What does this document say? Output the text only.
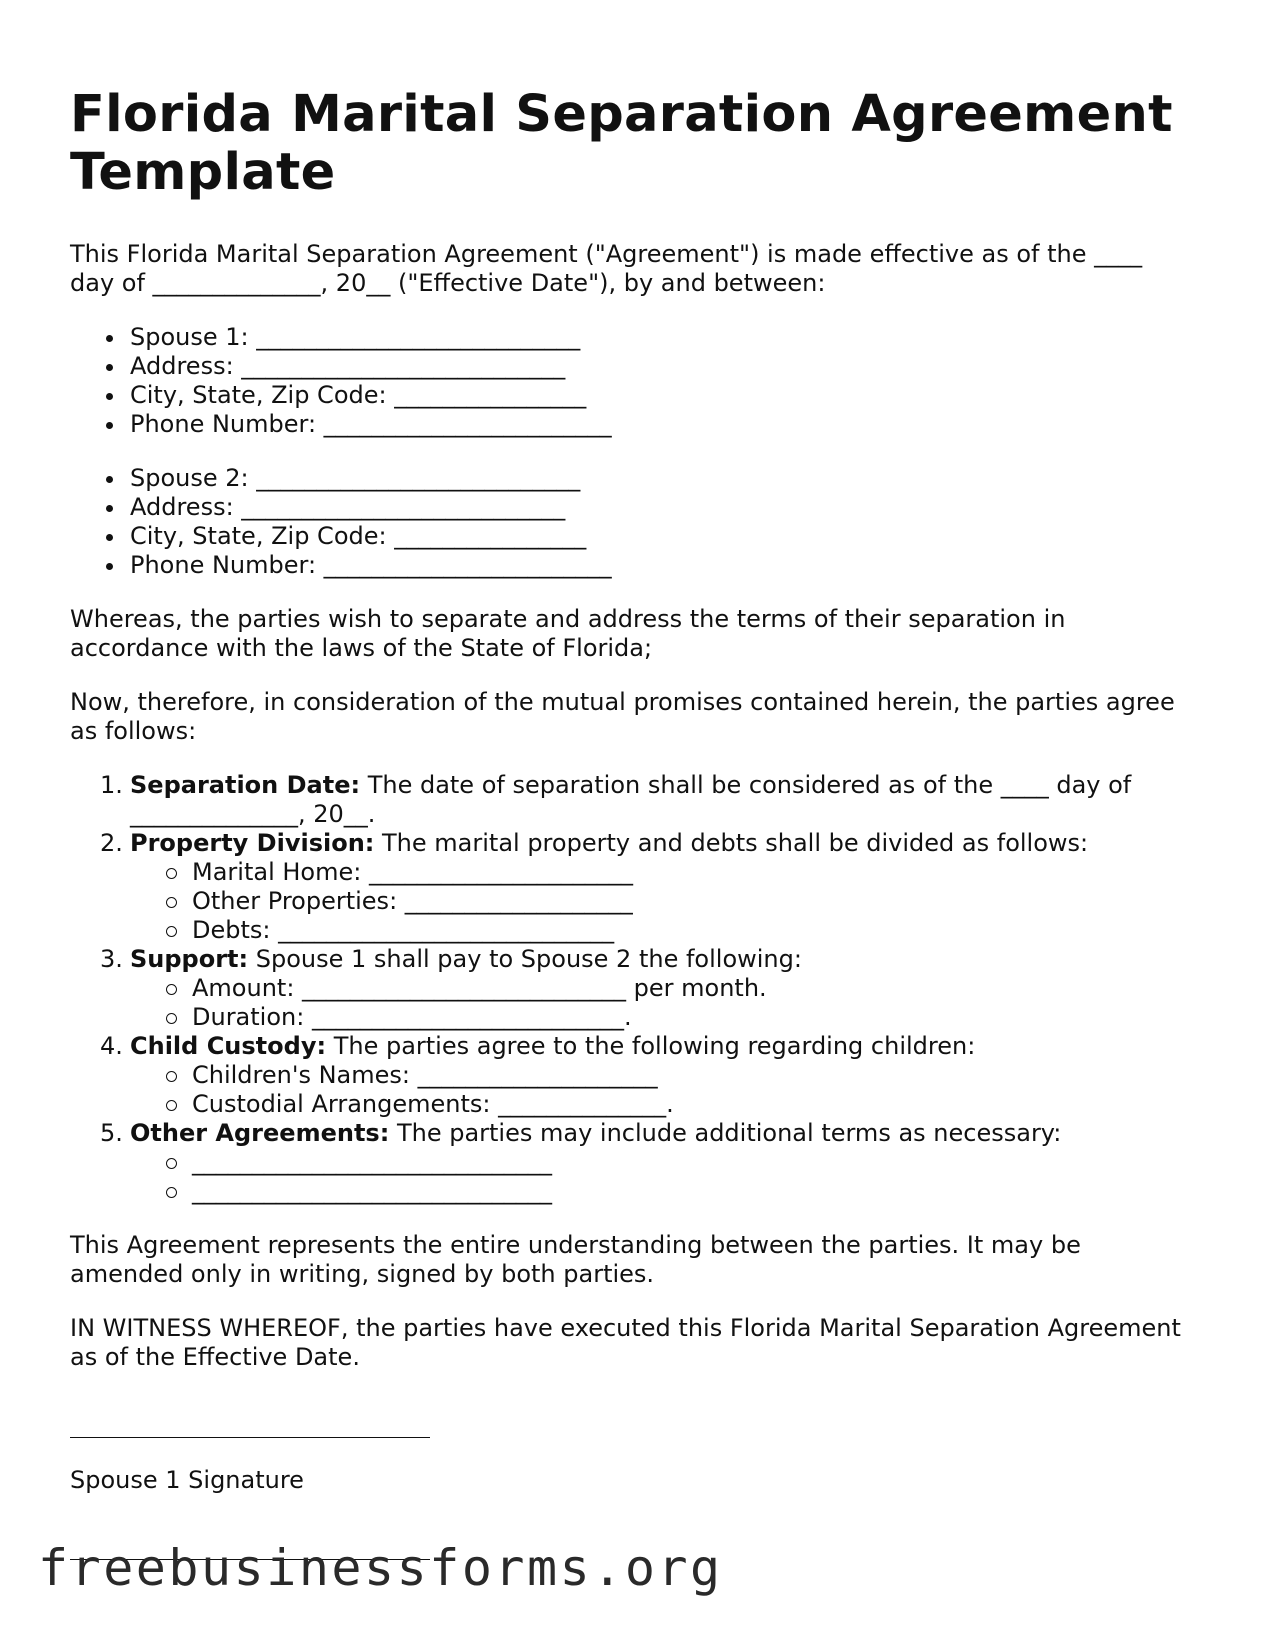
Florida Marital Separation Agreement Template

This Florida Marital Separation Agreement ("Agreement") is made effective as of the ____ day of ______________, 20__ ("Effective Date"), by and between:

Spouse 1: ___________________________
Address: ___________________________
City, State, Zip Code: ________________
Phone Number: ________________________
Spouse 2: ___________________________
Address: ___________________________
City, State, Zip Code: ________________
Phone Number: ________________________

Whereas, the parties wish to separate and address the terms of their separation in accordance with the laws of the State of Florida;

Now, therefore, in consideration of the mutual promises contained herein, the parties agree as follows:

1. Separation Date: The date of separation shall be considered as of the ____ day of ______________, 20__.
2. Property Division: The marital property and debts shall be divided as follows:
Marital Home: ______________________
Other Properties: ___________________
Debts: ____________________________
3. Support: Spouse 1 shall pay to Spouse 2 the following:
Amount: ___________________________ per month.
Duration: __________________________.
4. Child Custody: The parties agree to the following regarding children:
Children's Names: ____________________
Custodial Arrangements: ______________.
5. Other Agreements: The parties may include additional terms as necessary:
______________________________
______________________________

This Agreement represents the entire understanding between the parties. It may be amended only in writing, signed by both parties.

IN WITNESS WHEREOF, the parties have executed this Florida Marital Separation Agreement as of the Effective Date.

Spouse 1 Signature
freebusinessforms.org
